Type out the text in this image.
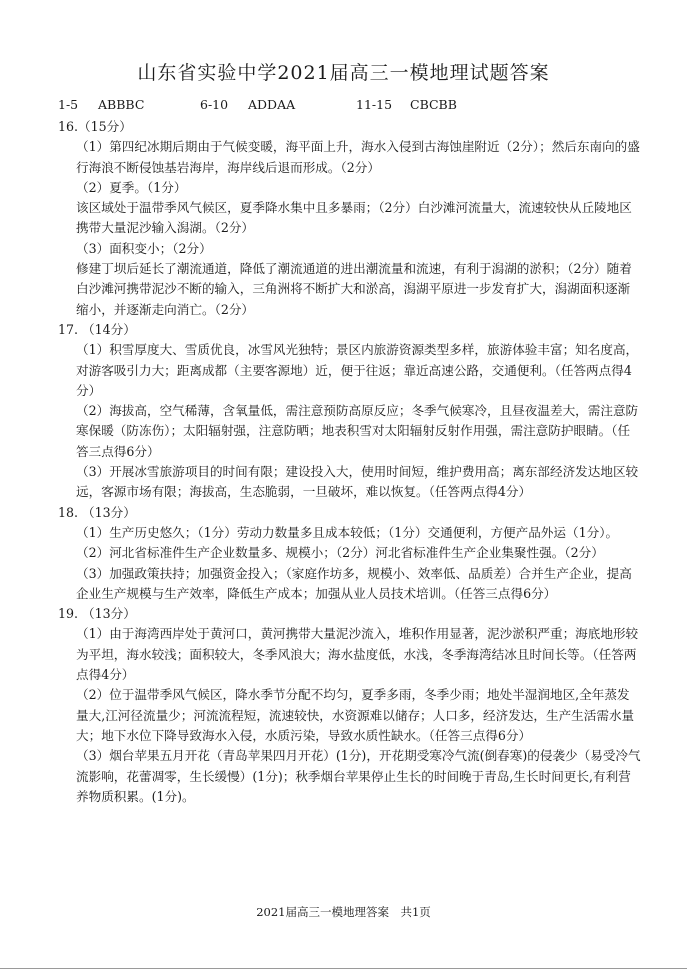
山东省实验中学2021届高三一模地理试题答案
1-5 ABBBC	6-10 ADDAA	11-15 CBCBB

16.（15分）

（1）第四纪冰期后期由于气候变暖，海平面上升，海水入侵到古海蚀崖附近（2分）；然后东南向的盛行海浪不断侵蚀基岩海岸，海岸线后退而形成。（2分）

（2）夏季。（1分）

该区域处于温带季风气候区，夏季降水集中且多暴雨；（2分）白沙滩河流量大，流速较快从丘陵地区携带大量泥沙输入潟湖。（2分）

（3）面积变小；（2分）

修建丁坝后延长了潮流通道，降低了潮流通道的进出潮流量和流速，有利于潟湖的淤积；（2分）随着白沙滩河携带泥沙不断的输入，三角洲将不断扩大和淤高，潟湖平原进一步发育扩大，潟湖面积逐渐缩小，并逐渐走向消亡。（2分）

17. （14分）

（1）积雪厚度大、雪质优良，冰雪风光独特；景区内旅游资源类型多样，旅游体验丰富；知名度高，对游客吸引力大；距离成都（主要客源地）近，便于往返；靠近高速公路，交通便利。（任答两点得4分）

（2）海拔高，空气稀薄，含氧量低，需注意预防高原反应；冬季气候寒冷，且昼夜温差大，需注意防寒保暖（防冻伤）；太阳辐射强，注意防晒；地表积雪对太阳辐射反射作用强，需注意防护眼睛。（任答三点得6分）

（3）开展冰雪旅游项目的时间有限；建设投入大，使用时间短，维护费用高；离东部经济发达地区较远，客源市场有限；海拔高，生态脆弱，一旦破坏，难以恢复。（任答两点得4分）

18. （13分）

（1）生产历史悠久；（1分）劳动力数量多且成本较低；（1分）交通便利，方便产品外运（1分）。

（2）河北省标准件生产企业数量多、规模小；（2分）河北省标准件生产企业集聚性强。（2分）

（3）加强政策扶持；加强资金投入；（家庭作坊多，规模小、效率低、品质差）合并生产企业，提高企业生产规模与生产效率，降低生产成本；加强从业人员技术培训。（任答三点得6分）

19. （13分）

（1）由于海湾西岸处于黄河口，黄河携带大量泥沙流入，堆积作用显著，泥沙淤积严重；海底地形较为平坦，海水较浅；面积较大，冬季风浪大；海水盐度低，水浅，冬季海湾结冰且时间长等。（任答两点得4分）

（2）位于温带季风气候区，降水季节分配不均匀，夏季多雨，冬季少雨；地处半湿润地区,全年蒸发量大,江河径流量少；河流流程短，流速较快，水资源难以储存；人口多，经济发达，生产生活需水量大；地下水位下降导致海水入侵，水质污染，导致水质性缺水。（任答三点得6分）

（3）烟台苹果五月开花（青岛苹果四月开花）(1分)，开花期受寒冷气流(倒春寒)的侵袭少（易受冷气流影响，花蕾凋零，生长缓慢）(1分)；秋季烟台苹果停止生长的时间晚于青岛,生长时间更长,有利营养物质积累。(1分)。

2021届高三一模地理答案　共1页
